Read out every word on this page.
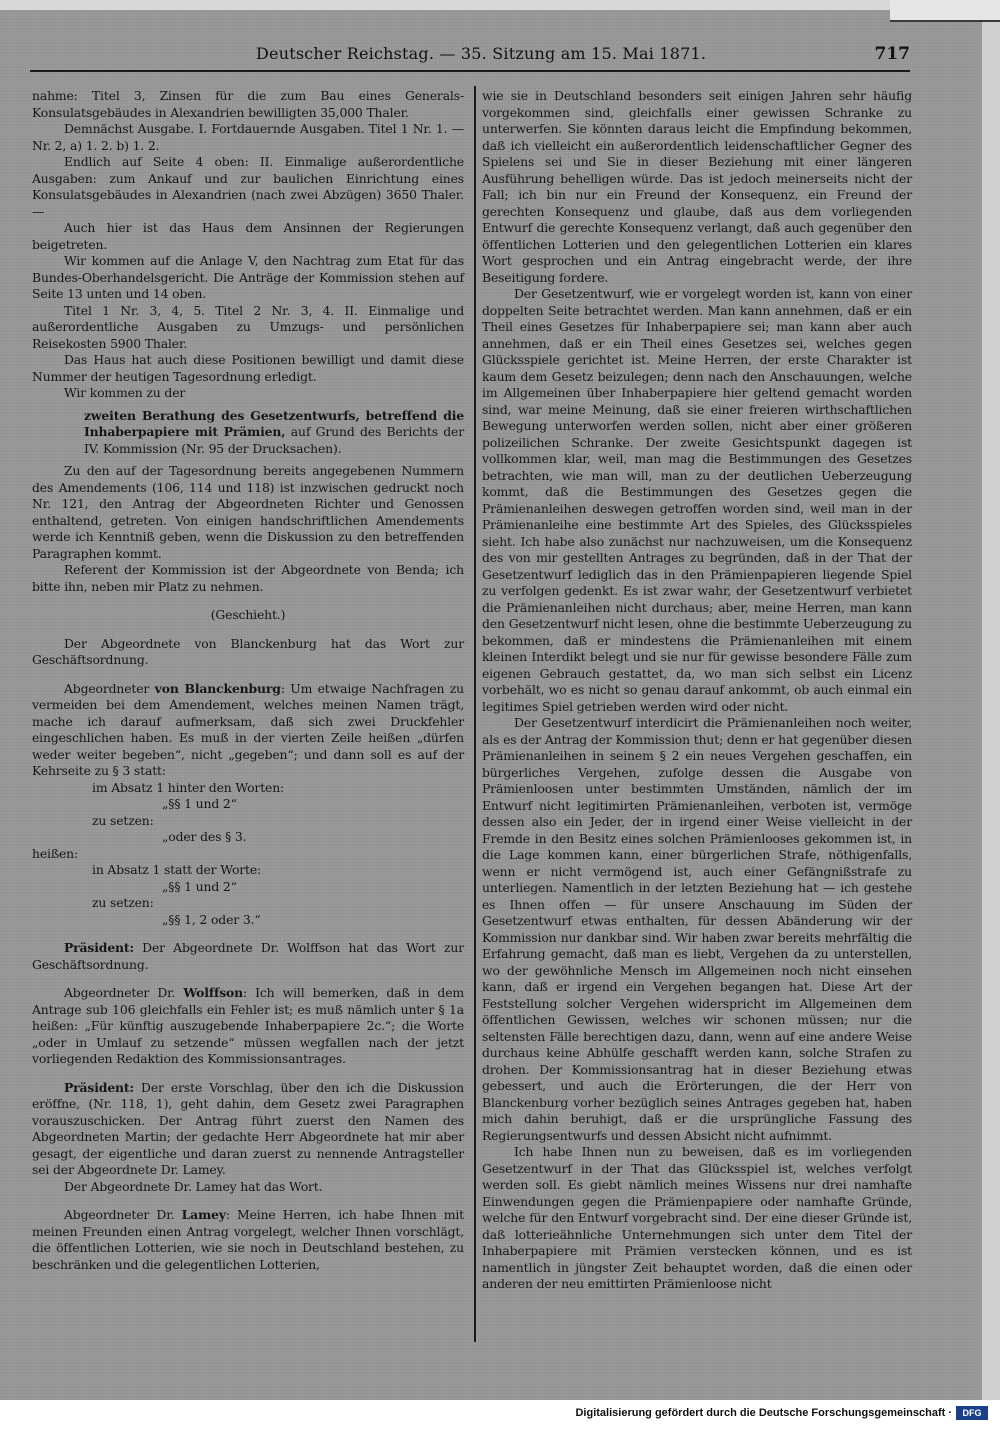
Deutscher Reichstag. — 35. Sitzung am 15. Mai 1871.	717

nahme: Titel 3, Zinsen für die zum Bau eines Generals-Konsulatsgebäudes in Alexandrien bewilligten 35,000 Thaler.

Demnächst Ausgabe. I. Fortdauernde Ausgaben. Titel 1 Nr. 1. — Nr. 2, a) 1. 2. b) 1. 2.

Endlich auf Seite 4 oben: II. Einmalige außerordentliche Ausgaben: zum Ankauf und zur baulichen Einrichtung eines Konsulatsgebäudes in Alexandrien (nach zwei Abzügen) 3650 Thaler. —

Auch hier ist das Haus dem Ansinnen der Regierungen beigetreten.

Wir kommen auf die Anlage V, den Nachtrag zum Etat für das Bundes-Oberhandelsgericht. Die Anträge der Kommission stehen auf Seite 13 unten und 14 oben.

Titel 1 Nr. 3, 4, 5. Titel 2 Nr. 3, 4. II. Einmalige und außerordentliche Ausgaben zu Umzugs- und persönlichen Reisekosten 5900 Thaler.

Das Haus hat auch diese Positionen bewilligt und damit diese Nummer der heutigen Tagesordnung erledigt.

Wir kommen zu der

zweiten Berathung des Gesetzentwurfs, betreffend die Inhaberpapiere mit Prämien, auf Grund des Berichts der IV. Kommission (Nr. 95 der Drucksachen).

Zu den auf der Tagesordnung bereits angegebenen Nummern des Amendements (106, 114 und 118) ist inzwischen gedruckt noch Nr. 121, den Antrag der Abgeordneten Richter und Genossen enthaltend, getreten. Von einigen handschriftlichen Amendements werde ich Kenntniß geben, wenn die Diskussion zu den betreffenden Paragraphen kommt.

Referent der Kommission ist der Abgeordnete von Benda; ich bitte ihn, neben mir Platz zu nehmen.

(Geschieht.)

Der Abgeordnete von Blanckenburg hat das Wort zur Geschäftsordnung.

Abgeordneter von Blanckenburg: Um etwaige Nachfragen zu vermeiden bei dem Amendement, welches meinen Namen trägt, mache ich darauf aufmerksam, daß sich zwei Druckfehler eingeschlichen haben. Es muß in der vierten Zeile heißen „dürfen weder weiter begeben“, nicht „gegeben“; und dann soll es auf der Kehrseite zu § 3 statt:

im Absatz 1 hinter den Worten:

„§§ 1 und 2“

zu setzen:

„oder des § 3.

heißen:

in Absatz 1 statt der Worte:

„§§ 1 und 2“

zu setzen:

„§§ 1, 2 oder 3.“

Präsident: Der Abgeordnete Dr. Wolffson hat das Wort zur Geschäftsordnung.

Abgeordneter Dr. Wolffson: Ich will bemerken, daß in dem Antrage sub 106 gleichfalls ein Fehler ist; es muß nämlich unter § 1a heißen: „Für künftig auszugebende Inhaberpapiere 2c.“; die Worte „oder in Umlauf zu setzende“ müssen wegfallen nach der jetzt vorliegenden Redaktion des Kommissionsantrages.

Präsident: Der erste Vorschlag, über den ich die Diskussion eröffne, (Nr. 118, 1), geht dahin, dem Gesetz zwei Paragraphen vorauszuschicken. Der Antrag führt zuerst den Namen des Abgeordneten Martin; der gedachte Herr Abgeordnete hat mir aber gesagt, der eigentliche und daran zuerst zu nennende Antragsteller sei der Abgeordnete Dr. Lamey.

Der Abgeordnete Dr. Lamey hat das Wort.

Abgeordneter Dr. Lamey: Meine Herren, ich habe Ihnen mit meinen Freunden einen Antrag vorgelegt, welcher Ihnen vorschlägt, die öffentlichen Lotterien, wie sie noch in Deutschland bestehen, zu beschränken und die gelegentlichen Lotterien,

wie sie in Deutschland besonders seit einigen Jahren sehr häufig vorgekommen sind, gleichfalls einer gewissen Schranke zu unterwerfen. Sie könnten daraus leicht die Empfindung bekommen, daß ich vielleicht ein außerordentlich leidenschaftlicher Gegner des Spielens sei und Sie in dieser Beziehung mit einer längeren Ausführung behelligen würde. Das ist jedoch meinerseits nicht der Fall; ich bin nur ein Freund der Konsequenz, ein Freund der gerechten Konsequenz und glaube, daß aus dem vorliegenden Entwurf die gerechte Konsequenz verlangt, daß auch gegenüber den öffentlichen Lotterien und den gelegentlichen Lotterien ein klares Wort gesprochen und ein Antrag eingebracht werde, der ihre Beseitigung fordere.

Der Gesetzentwurf, wie er vorgelegt worden ist, kann von einer doppelten Seite betrachtet werden. Man kann annehmen, daß er ein Theil eines Gesetzes für Inhaberpapiere sei; man kann aber auch annehmen, daß er ein Theil eines Gesetzes sei, welches gegen Glücksspiele gerichtet ist. Meine Herren, der erste Charakter ist kaum dem Gesetz beizulegen; denn nach den Anschauungen, welche im Allgemeinen über Inhaberpapiere hier geltend gemacht worden sind, war meine Meinung, daß sie einer freieren wirthschaftlichen Bewegung unterworfen werden sollen, nicht aber einer größeren polizeilichen Schranke. Der zweite Gesichtspunkt dagegen ist vollkommen klar, weil, man mag die Bestimmungen des Gesetzes betrachten, wie man will, man zu der deutlichen Ueberzeugung kommt, daß die Bestimmungen des Gesetzes gegen die Prämienanleihen deswegen getroffen worden sind, weil man in der Prämienanleihe eine bestimmte Art des Spieles, des Glücksspieles sieht. Ich habe also zunächst nur nachzuweisen, um die Konsequenz des von mir gestellten Antrages zu begründen, daß in der That der Gesetzentwurf lediglich das in den Prämienpapieren liegende Spiel zu verfolgen gedenkt. Es ist zwar wahr, der Gesetzentwurf verbietet die Prämienanleihen nicht durchaus; aber, meine Herren, man kann den Gesetzentwurf nicht lesen, ohne die bestimmte Ueberzeugung zu bekommen, daß er mindestens die Prämienanleihen mit einem kleinen Interdikt belegt und sie nur für gewisse besondere Fälle zum eigenen Gebrauch gestattet, da, wo man sich selbst ein Licenz vorbehält, wo es nicht so genau darauf ankommt, ob auch einmal ein legitimes Spiel getrieben werden wird oder nicht.

Der Gesetzentwurf interdicirt die Prämienanleihen noch weiter, als es der Antrag der Kommission thut; denn er hat gegenüber diesen Prämienanleihen in seinem § 2 ein neues Vergehen geschaffen, ein bürgerliches Vergehen, zufolge dessen die Ausgabe von Prämienloosen unter bestimmten Umständen, nämlich der im Entwurf nicht legitimirten Prämienanleihen, verboten ist, vermöge dessen also ein Jeder, der in irgend einer Weise vielleicht in der Fremde in den Besitz eines solchen Prämienlooses gekommen ist, in die Lage kommen kann, einer bürgerlichen Strafe, nöthigenfalls, wenn er nicht vermögend ist, auch einer Gefängnißstrafe zu unterliegen. Namentlich in der letzten Beziehung hat — ich gestehe es Ihnen offen — für unsere Anschauung im Süden der Gesetzentwurf etwas enthalten, für dessen Abänderung wir der Kommission nur dankbar sind. Wir haben zwar bereits mehrfältig die Erfahrung gemacht, daß man es liebt, Vergehen da zu unterstellen, wo der gewöhnliche Mensch im Allgemeinen noch nicht einsehen kann, daß er irgend ein Vergehen begangen hat. Diese Art der Feststellung solcher Vergehen widerspricht im Allgemeinen dem öffentlichen Gewissen, welches wir schonen müssen; nur die seltensten Fälle berechtigen dazu, dann, wenn auf eine andere Weise durchaus keine Abhülfe geschafft werden kann, solche Strafen zu drohen. Der Kommissionsantrag hat in dieser Beziehung etwas gebessert, und auch die Erörterungen, die der Herr von Blanckenburg vorher bezüglich seines Antrages gegeben hat, haben mich dahin beruhigt, daß er die ursprüngliche Fassung des Regierungsentwurfs und dessen Absicht nicht aufnimmt.

Ich habe Ihnen nun zu beweisen, daß es im vorliegenden Gesetzentwurf in der That das Glücksspiel ist, welches verfolgt werden soll. Es giebt nämlich meines Wissens nur drei namhafte Einwendungen gegen die Prämienpapiere oder namhafte Gründe, welche für den Entwurf vorgebracht sind. Der eine dieser Gründe ist, daß lotterieähnliche Unternehmungen sich unter dem Titel der Inhaberpapiere mit Prämien verstecken können, und es ist namentlich in jüngster Zeit behauptet worden, daß die einen oder anderen der neu emittirten Prämienloose nicht

Digitalisierung gefördert durch die Deutsche Forschungsgemeinschaft ·	DFG
